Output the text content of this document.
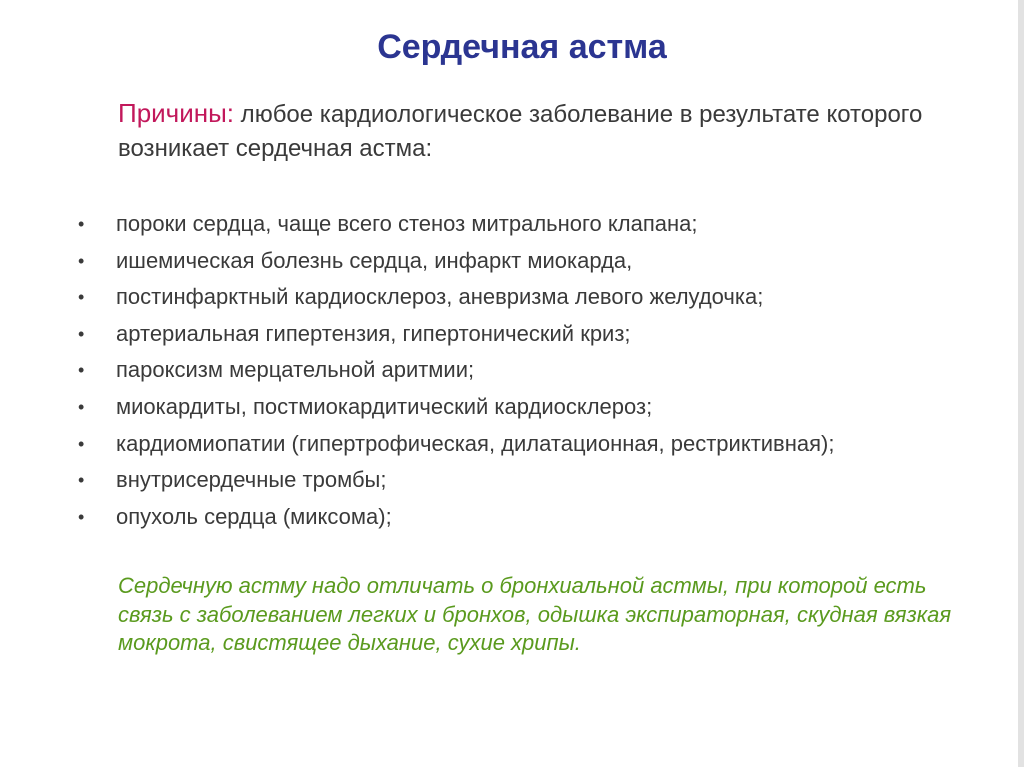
Сердечная астма

Причины: любое кардиологическое заболевание в результате которого возникает сердечная астма:

•	пороки сердца, чаще всего стеноз митрального клапана;
•	ишемическая болезнь сердца, инфаркт миокарда,
•	постинфарктный кардиосклероз, аневризма левого желудочка;
•	артериальная гипертензия, гипертонический криз;
•	пароксизм мерцательной аритмии;
•	миокардиты, постмиокардитический кардиосклероз;
•	кардиомиопатии (гипертрофическая, дилатационная, рестриктивная);
•	внутрисердечные тромбы;
•	опухоль сердца (миксома);

Сердечную астму надо отличать о бронхиальной астмы, при которой есть связь с заболеванием легких и бронхов, одышка экспираторная, скудная вязкая мокрота, свистящее дыхание, сухие хрипы.
